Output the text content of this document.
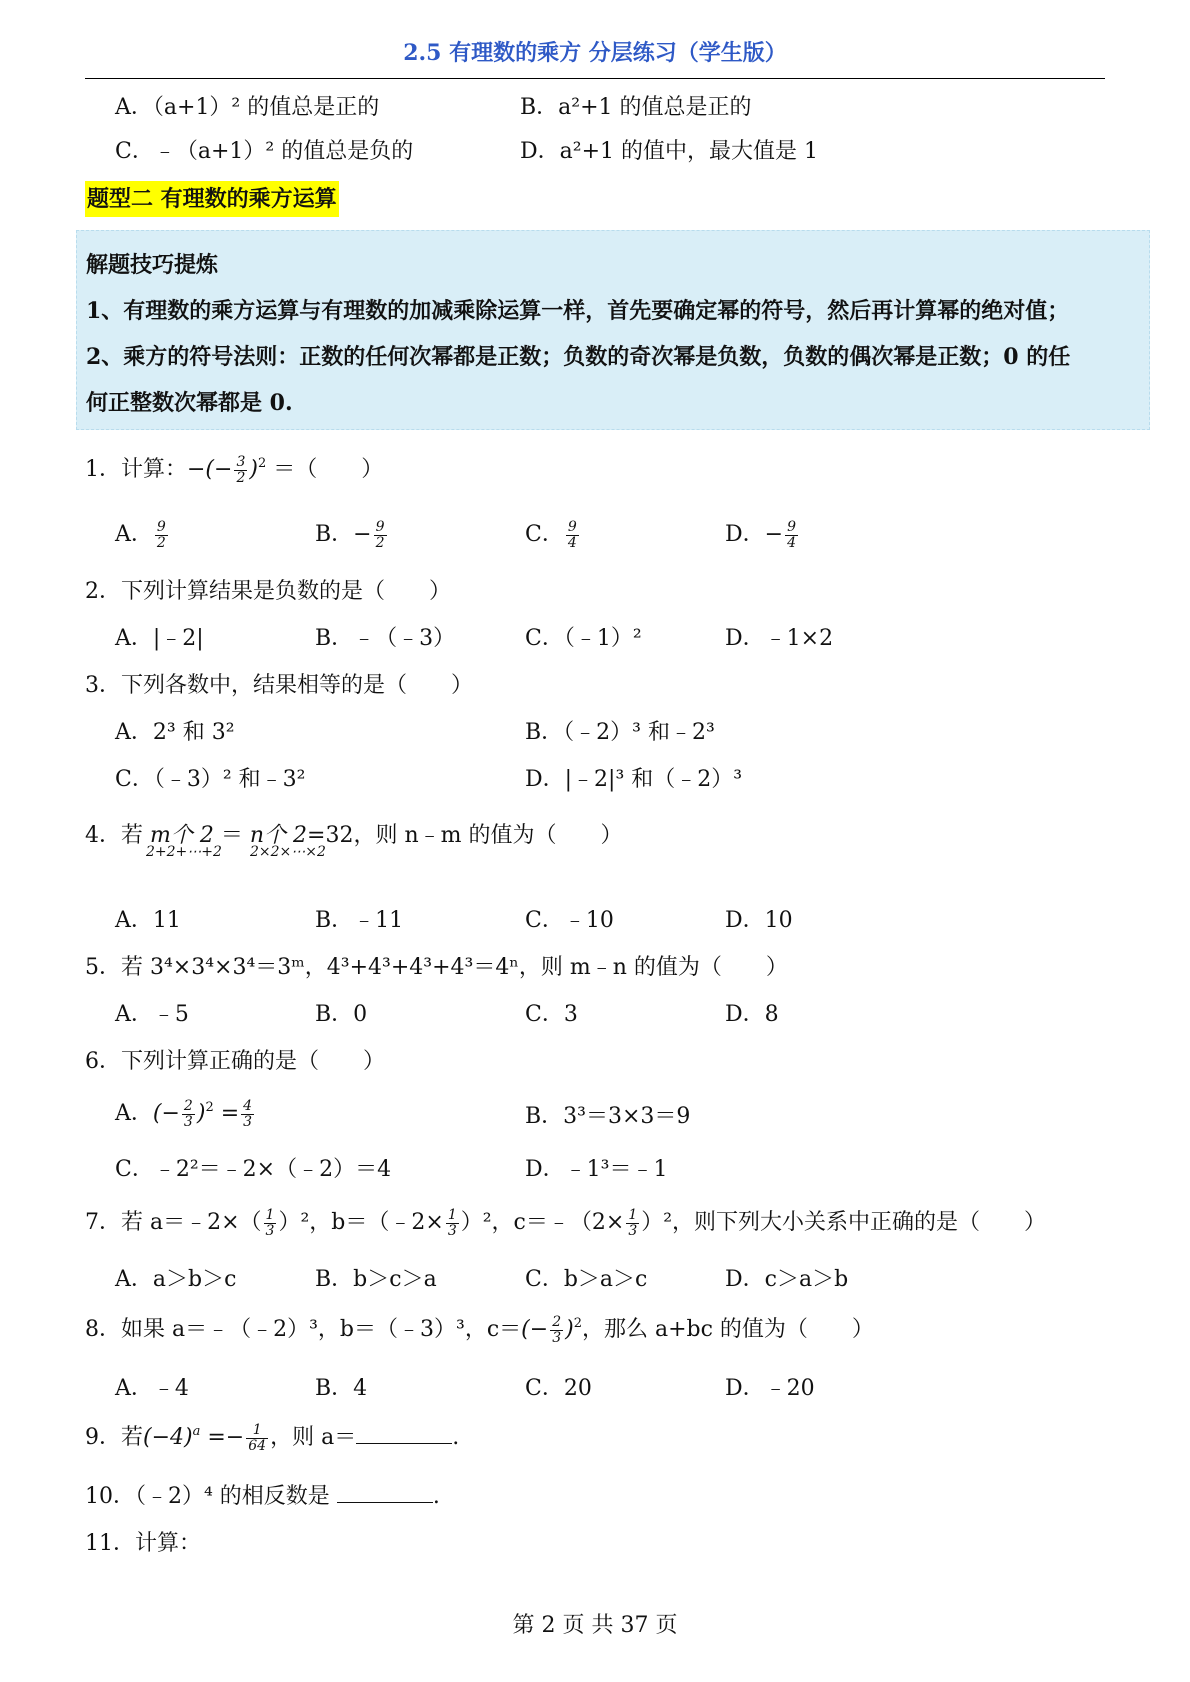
2.5 有理数的乘方 分层练习（学生版）
A．（a+1）² 的值总是正的	B．a²+1 的值总是正的
C．﹣（a+1）² 的值总是负的	D．a²+1 的值中，最大值是 1
题型二 有理数的乘方运算
解题技巧提炼
1、有理数的乘方运算与有理数的加减乘除运算一样，首先要确定幂的符号，然后再计算幂的绝对值；
2、乘方的符号法则：正数的任何次幂都是正数；负数的奇次幂是负数，负数的偶次幂是正数；0 的任
何正整数次幂都是 0.
1．计算：−(− $\frac{3}{2} )^2$ ＝（　　）
A． $\frac{9}{2}$	B．− $\frac{9}{2}$	C． $\frac{9}{4}$	D．− $\frac{9}{4}$
2．下列计算结果是负数的是（　　）
A．|﹣2|	B．﹣（﹣3）	C．（﹣1）²	D．﹣1×2
3．下列各数中，结果相等的是（　　）
A．2³ 和 3²	B．（﹣2）³ 和﹣2³
C．（﹣3）² 和﹣3²	D．|﹣2|³ 和（﹣2）³
4．若 m个 2 ＝ n个 2=32，则 n﹣m 的值为（　　）
2+2+⋯+2 2×2×⋯×2
A．11	B．﹣11	C．﹣10	D．10
5．若 3⁴×3⁴×3⁴＝3ᵐ，4³+4³+4³+4³＝4ⁿ，则 m﹣n 的值为（　　）
A．﹣5	B．0	C．3	D．8
6．下列计算正确的是（　　）
A．(− $\frac{2}{3} )^2 = \frac{4}{3}$	B．3³＝3×3＝9
C．﹣2²＝﹣2×（﹣2）＝4	D．﹣1³＝﹣1
7．若 a＝﹣2×（ $\frac{1}{3} )^2$，b＝（﹣2× $\frac{1}{3} )^2$，c＝﹣（2× $\frac{1}{3} )^2$，则下列大小关系中正确的是（　　）
A．a＞b＞c	B．b＞c＞a	C．b＞a＞c	D．c＞a＞b
8．如果 a＝﹣（﹣2）³，b＝（﹣3）³，$c=(- \frac{2}{3} )^2$，那么 a+bc 的值为（　　）
A．﹣4	B．4	C．20	D．﹣20
9．若$(-4)^a =- \frac{1}{64}$ ，则 a＝	.
10．（﹣2）⁴ 的相反数是	.
11．计算：
第 2 页 共 37 页
